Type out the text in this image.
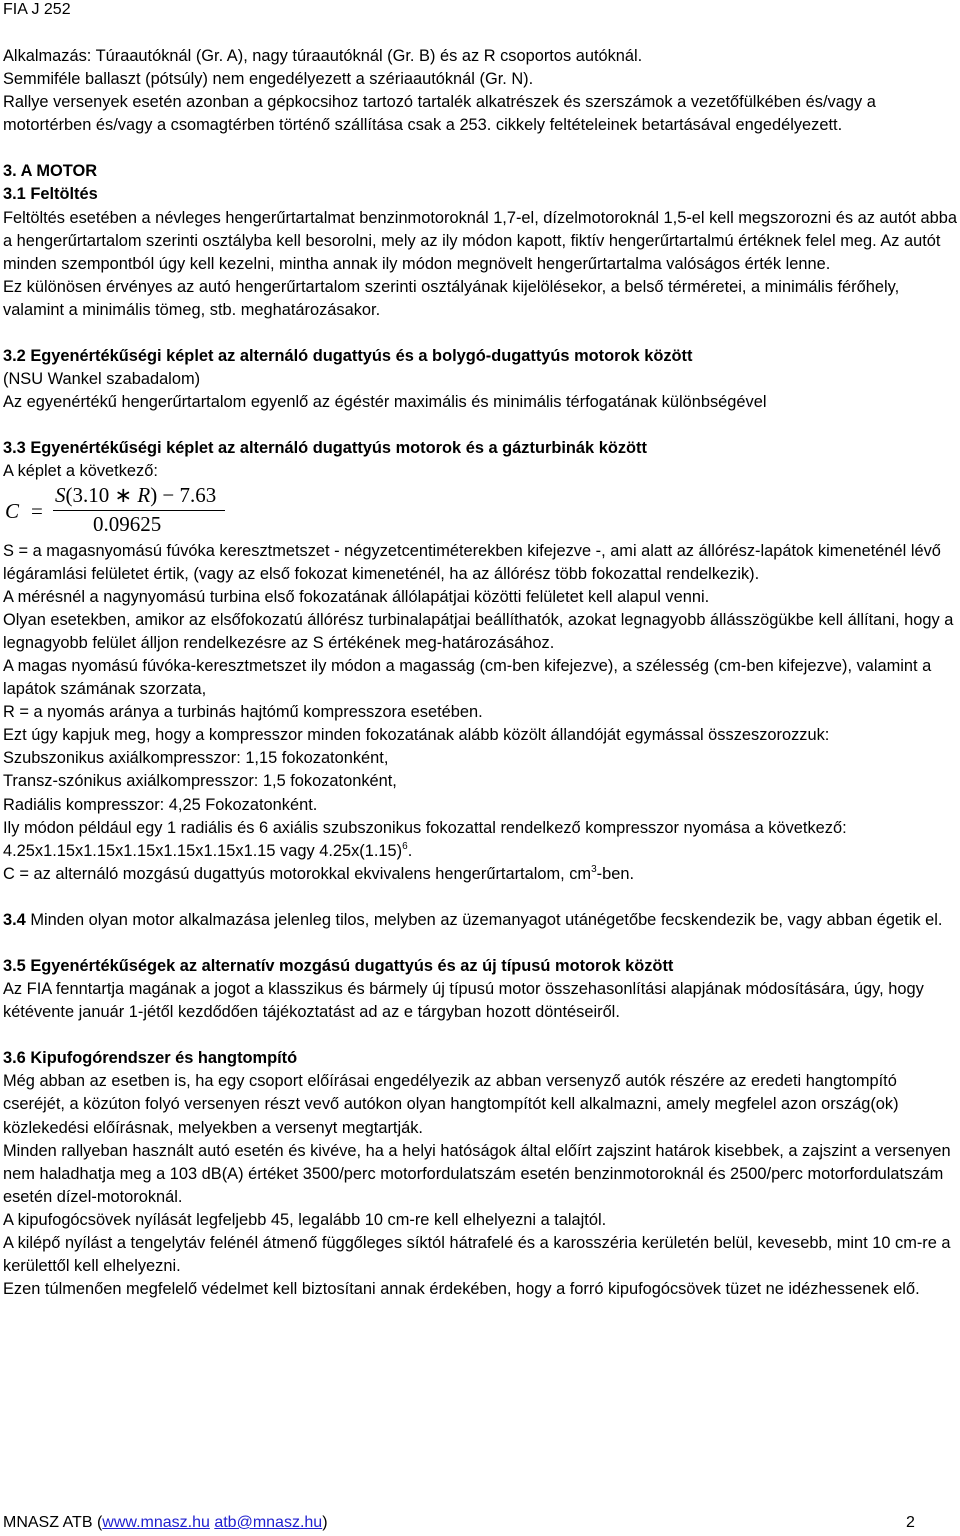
FIA J 252

Alkalmazás: Túraautóknál (Gr. A), nagy túraautóknál (Gr. B) és az R csoportos autóknál.

Semmiféle ballaszt (pótsúly) nem engedélyezett a szériaautóknál (Gr. N).

Rallye versenyek esetén azonban a gépkocsihoz tartozó tartalék alkatrészek és szerszámok a vezetőfülkében és/vagy a motortérben és/vagy a csomagtérben történő szállítása csak a 253. cikkely feltételeinek betartásával engedélyezett.

3. A MOTOR

3.1 Feltöltés

Feltöltés esetében a névleges hengerűrtartalmat benzinmotoroknál 1,7-el, dízelmotoroknál 1,5-el kell megszorozni és az autót abba a hengerűrtartalom szerinti osztályba kell besorolni, mely az ily módon kapott, fiktív hengerűrtartalmú értéknek felel meg. Az autót minden szempontból úgy kell kezelni, mintha annak ily módon megnövelt hengerűrtartalma valóságos érték lenne.

Ez különösen érvényes az autó hengerűrtartalom szerinti osztályának kijelölésekor, a belső térméretei, a minimális férőhely, valamint a minimális tömeg, stb. meghatározásakor.

3.2 Egyenértékűségi képlet az alternáló dugattyús és a bolygó-dugattyús motorok között

(NSU Wankel szabadalom)

Az egyenértékű hengerűrtartalom egyenlő az égéstér maximális és minimális térfogatának különbségével

3.3 Egyenértékűségi képlet az alternáló dugattyús motorok és a gázturbinák között

A képlet a következő:

C =
S(3.10 ∗ R) − 7.63
0.09625

S = a magasnyomású fúvóka keresztmetszet - négyzetcentiméterekben kifejezve -, ami alatt az állórész-lapátok kimeneténél lévő légáramlási felületet értik, (vagy az első fokozat kimeneténél, ha az állórész több fokozattal rendelkezik).

A mérésnél a nagynyomású turbina első fokozatának állólapátjai közötti felületet kell alapul venni.

Olyan esetekben, amikor az elsőfokozatú állórész turbinalapátjai beállíthatók, azokat legnagyobb állásszögükbe kell állítani, hogy a legnagyobb felület álljon rendelkezésre az S értékének meg-határozásához.

A magas nyomású fúvóka-keresztmetszet ily módon a magasság (cm-ben kifejezve), a szélesség (cm-ben kifejezve), valamint a lapátok számának szorzata,

R = a nyomás aránya a turbinás hajtómű kompresszora esetében.

Ezt úgy kapjuk meg, hogy a kompresszor minden fokozatának alább közölt állandóját egymással összeszorozzuk:

Szubszonikus axiálkompresszor: 1,15 fokozatonként,

Transz-szónikus axiálkompresszor: 1,5 fokozatonként,

Radiális kompresszor: 4,25 Fokozatonként.

Ily módon például egy 1 radiális és 6 axiális szubszonikus fokozattal rendelkező kompresszor nyomása a következő: 4.25x1.15x1.15x1.15x1.15x1.15x1.15 vagy $4.25x(1.15)^6$.

C = az alternáló mozgású dugattyús motorokkal ekvivalens hengerűrtartalom, $cm^3$-ben.

3.4 Minden olyan motor alkalmazása jelenleg tilos, melyben az üzemanyagot utánégetőbe fecskendezik be, vagy abban égetik el.

3.5 Egyenértékűségek az alternatív mozgású dugattyús és az új típusú motorok között

Az FIA fenntartja magának a jogot a klasszikus és bármely új típusú motor összehasonlítási alapjának módosítására, úgy, hogy kétévente január 1-jétől kezdődően tájékoztatást ad az e tárgyban hozott döntéseiről.

3.6 Kipufogórendszer és hangtompító

Még abban az esetben is, ha egy csoport előírásai engedélyezik az abban versenyző autók részére az eredeti hangtompító cseréjét, a közúton folyó versenyen részt vevő autókon olyan hangtompítót kell alkalmazni, amely megfelel azon ország(ok) közlekedési előírásnak, melyekben a versenyt megtartják.

Minden rallyeban használt autó esetén és kivéve, ha a helyi hatóságok által előírt zajszint határok kisebbek, a zajszint a versenyen nem haladhatja meg a 103 dB(A) értéket 3500/perc motorfordulatszám esetén benzinmotoroknál és 2500/perc motorfordulatszám esetén dízel-motoroknál.

A kipufogócsövek nyílását legfeljebb 45, legalább 10 cm-re kell elhelyezni a talajtól.

A kilépő nyílást a tengelytáv felénél átmenő függőleges síktól hátrafelé és a karosszéria kerületén belül, kevesebb, mint 10 cm-re a kerülettől kell elhelyezni.

Ezen túlmenően megfelelő védelmet kell biztosítani annak érdekében, hogy a forró kipufogócsövek tüzet ne idézhessenek elő.

MNASZ ATB (www.mnasz.hu atb@mnasz.hu)	2
